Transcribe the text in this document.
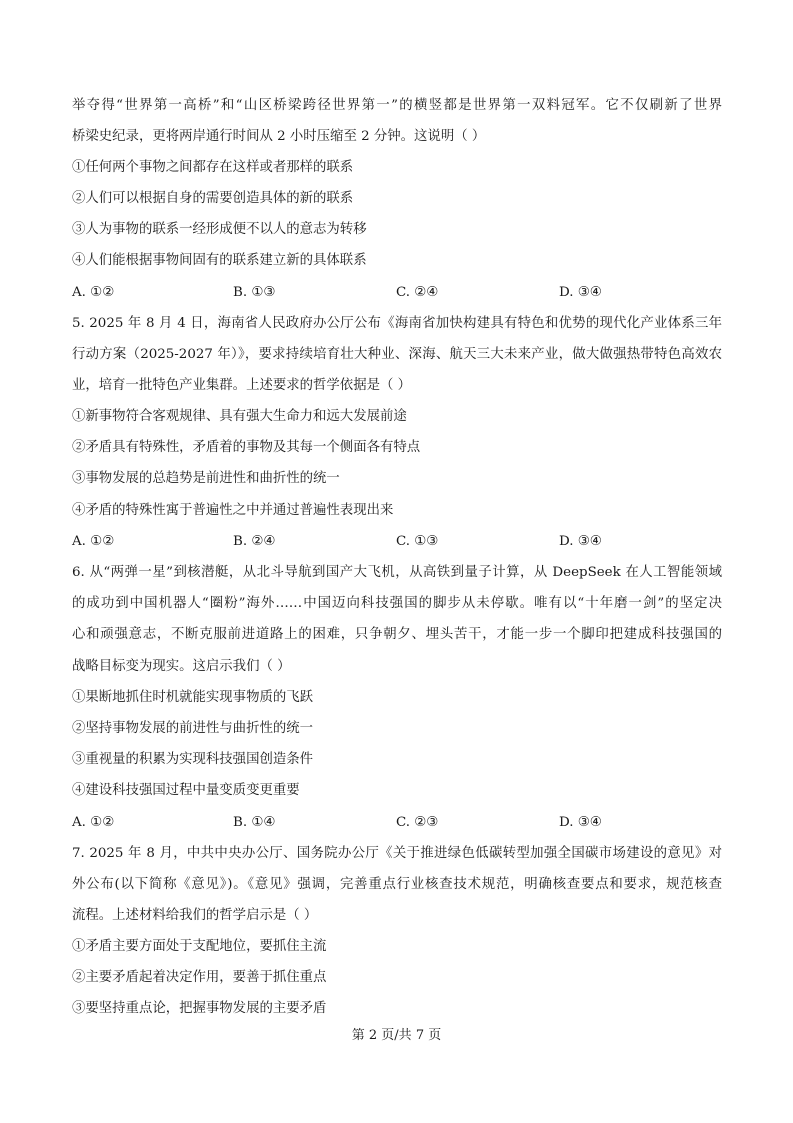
举夺得“世界第一高桥”和“山区桥梁跨径世界第一”的横竖都是世界第一双料冠军。它不仅刷新了世界
桥梁史纪录，更将两岸通行时间从 2 小时压缩至 2 分钟。这说明（ ）
①任何两个事物之间都存在这样或者那样的联系
②人们可以根据自身的需要创造具体的新的联系
③人为事物的联系一经形成便不以人的意志为转移
④人们能根据事物间固有的联系建立新的具体联系
A. ①②	B. ①③	C. ②④	D. ③④
5. 2025 年 8 月 4 日，海南省人民政府办公厅公布《海南省加快构建具有特色和优势的现代化产业体系三年
行动方案（2025-2027 年）》，要求持续培育壮大种业、深海、航天三大未来产业，做大做强热带特色高效农
业，培育一批特色产业集群。上述要求的哲学依据是（ ）
①新事物符合客观规律、具有强大生命力和远大发展前途
②矛盾具有特殊性，矛盾着的事物及其每一个侧面各有特点
③事物发展的总趋势是前进性和曲折性的统一
④矛盾的特殊性寓于普遍性之中并通过普遍性表现出来
A. ①②	B. ②④	C. ①③	D. ③④
6. 从“两弹一星”到核潜艇，从北斗导航到国产大飞机，从高铁到量子计算，从 DeepSeek 在人工智能领域
的成功到中国机器人“圈粉”海外……中国迈向科技强国的脚步从未停歇。唯有以“十年磨一剑”的坚定决
心和顽强意志，不断克服前进道路上的困难，只争朝夕、埋头苦干，才能一步一个脚印把建成科技强国的
战略目标变为现实。这启示我们（ ）
①果断地抓住时机就能实现事物质的飞跃
②坚持事物发展的前进性与曲折性的统一
③重视量的积累为实现科技强国创造条件
④建设科技强国过程中量变质变更重要
A. ①②	B. ①④	C. ②③	D. ③④
7. 2025 年 8 月，中共中央办公厅、国务院办公厅《关于推进绿色低碳转型加强全国碳市场建设的意见》对
外公布(以下简称《意见》)。《意见》强调，完善重点行业核查技术规范，明确核查要点和要求，规范核查
流程。上述材料给我们的哲学启示是（ ）
①矛盾主要方面处于支配地位，要抓住主流
②主要矛盾起着决定作用，要善于抓住重点
③要坚持重点论，把握事物发展的主要矛盾
第 2 页/共 7 页
